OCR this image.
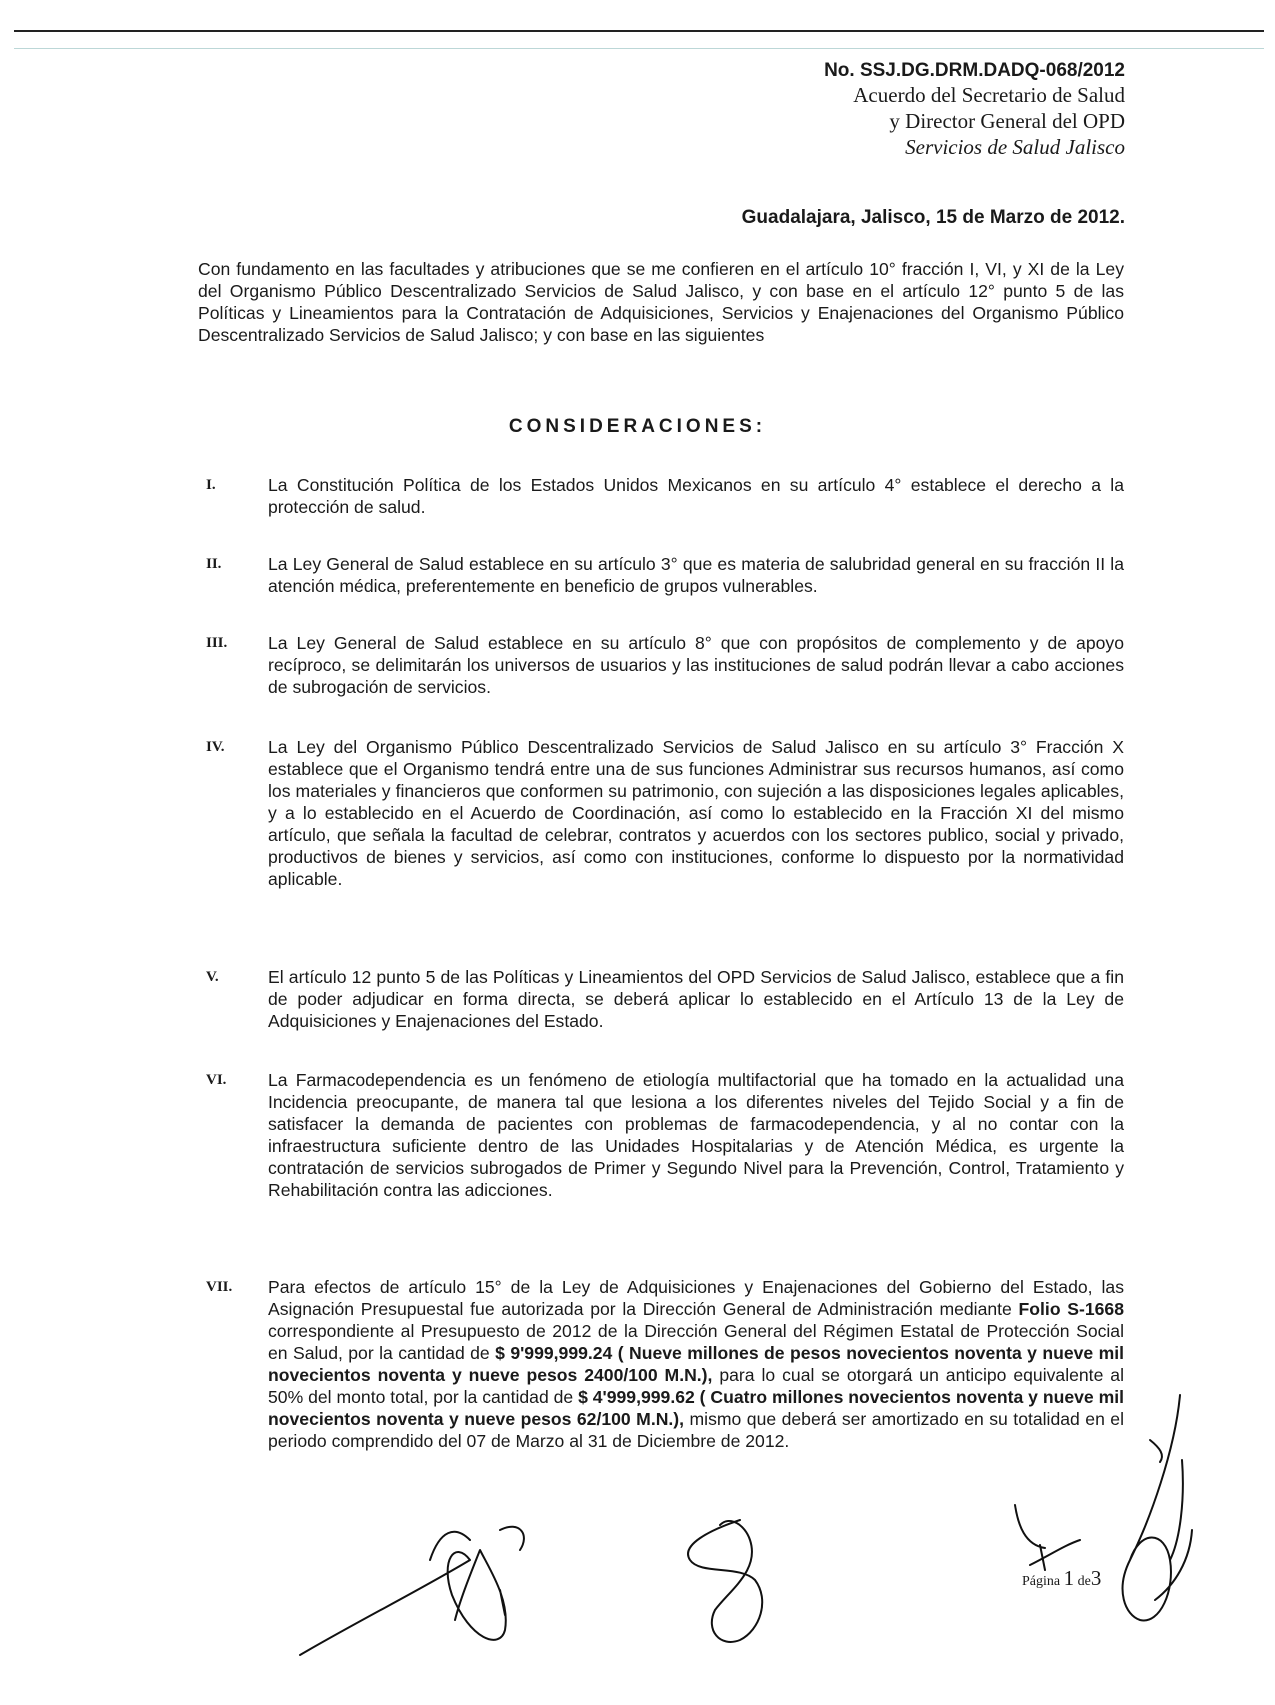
No. SSJ.DG.DRM.DADQ-068/2012
Acuerdo del Secretario de Salud
y Director General del OPD
Servicios de Salud Jalisco
Guadalajara, Jalisco, 15 de Marzo de 2012.
Con fundamento en las facultades y atribuciones que se me confieren en el artículo 10° fracción I, VI, y XI de la Ley del Organismo Público Descentralizado Servicios de Salud Jalisco, y con base en el artículo 12° punto 5 de las Políticas y Lineamientos para la Contratación de Adquisiciones, Servicios y Enajenaciones del Organismo Público Descentralizado Servicios de Salud Jalisco; y con base en las siguientes
CONSIDERACIONES:
I.	La Constitución Política de los Estados Unidos Mexicanos en su artículo 4° establece el derecho a la protección de salud.
II.	La Ley General de Salud establece en su artículo 3° que es materia de salubridad general en su fracción II la atención médica, preferentemente en beneficio de grupos vulnerables.
III.	La Ley General de Salud establece en su artículo 8° que con propósitos de complemento y de apoyo recíproco, se delimitarán los universos de usuarios y las instituciones de salud podrán llevar a cabo acciones de subrogación de servicios.
IV.	La Ley del Organismo Público Descentralizado Servicios de Salud Jalisco en su artículo 3° Fracción X establece que el Organismo tendrá entre una de sus funciones Administrar sus recursos humanos, así como los materiales y financieros que conformen su patrimonio, con sujeción a las disposiciones legales aplicables, y a lo establecido en el Acuerdo de Coordinación, así como lo establecido en la Fracción XI del mismo artículo, que señala la facultad de celebrar, contratos y acuerdos con los sectores publico, social y privado, productivos de bienes y servicios, así como con instituciones, conforme lo dispuesto por la normatividad aplicable.
V.	El artículo 12 punto 5 de las Políticas y Lineamientos del OPD Servicios de Salud Jalisco, establece que a fin de poder adjudicar en forma directa, se deberá aplicar lo establecido en el Artículo 13 de la Ley de Adquisiciones y Enajenaciones del Estado.
VI.	La Farmacodependencia es un fenómeno de etiología multifactorial que ha tomado en la actualidad una Incidencia preocupante, de manera tal que lesiona a los diferentes niveles del Tejido Social y a fin de satisfacer la demanda de pacientes con problemas de farmacodependencia, y al no contar con la infraestructura suficiente dentro de las Unidades Hospitalarias y de Atención Médica, es urgente la contratación de servicios subrogados de Primer y Segundo Nivel para la Prevención, Control, Tratamiento y Rehabilitación contra las adicciones.
VII.	Para efectos de artículo 15° de la Ley de Adquisiciones y Enajenaciones del Gobierno del Estado, las Asignación Presupuestal fue autorizada por la Dirección General de Administración mediante Folio S-1668 correspondiente al Presupuesto de 2012 de la Dirección General del Régimen Estatal de Protección Social en Salud, por la cantidad de $ 9'999,999.24 ( Nueve millones de pesos novecientos noventa y nueve mil novecientos noventa y nueve pesos 2400/100 M.N.), para lo cual se otorgará un anticipo equivalente al 50% del monto total, por la cantidad de $ 4'999,999.62 ( Cuatro millones novecientos noventa y nueve mil novecientos noventa y nueve pesos 62/100 M.N.), mismo que deberá ser amortizado en su totalidad en el periodo comprendido del 07 de Marzo al 31 de Diciembre de 2012.
Página 1 de3
